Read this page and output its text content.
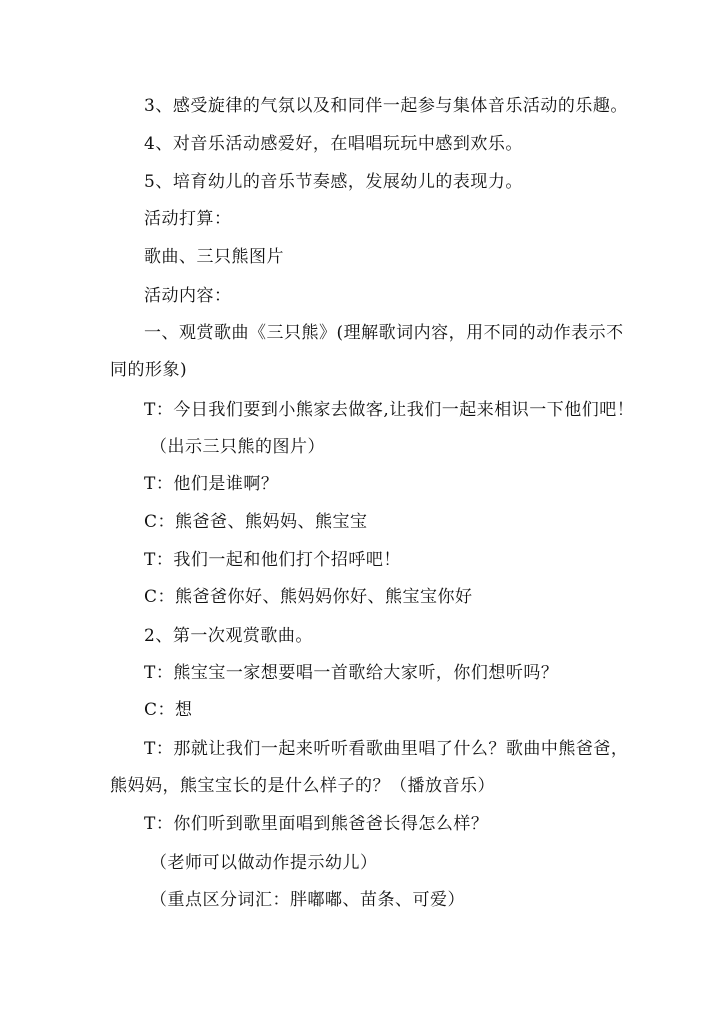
3、感受旋律的气氛以及和同伴一起参与集体音乐活动的乐趣。
4、对音乐活动感爱好，在唱唱玩玩中感到欢乐。
5、培育幼儿的音乐节奏感，发展幼儿的表现力。
活动打算：
歌曲、三只熊图片
活动内容：
一、观赏歌曲《三只熊》(理解歌词内容，用不同的动作表示不
同的形象)
T：今日我们要到小熊家去做客,让我们一起来相识一下他们吧！
（出示三只熊的图片）
T：他们是谁啊？
C：熊爸爸、熊妈妈、熊宝宝
T：我们一起和他们打个招呼吧！
C：熊爸爸你好、熊妈妈你好、熊宝宝你好
2、第一次观赏歌曲。
T：熊宝宝一家想要唱一首歌给大家听，你们想听吗？
C：想
T：那就让我们一起来听听看歌曲里唱了什么？歌曲中熊爸爸，
熊妈妈，熊宝宝长的是什么样子的？（播放音乐）
T：你们听到歌里面唱到熊爸爸长得怎么样？
（老师可以做动作提示幼儿）
（重点区分词汇：胖嘟嘟、苗条、可爱）
